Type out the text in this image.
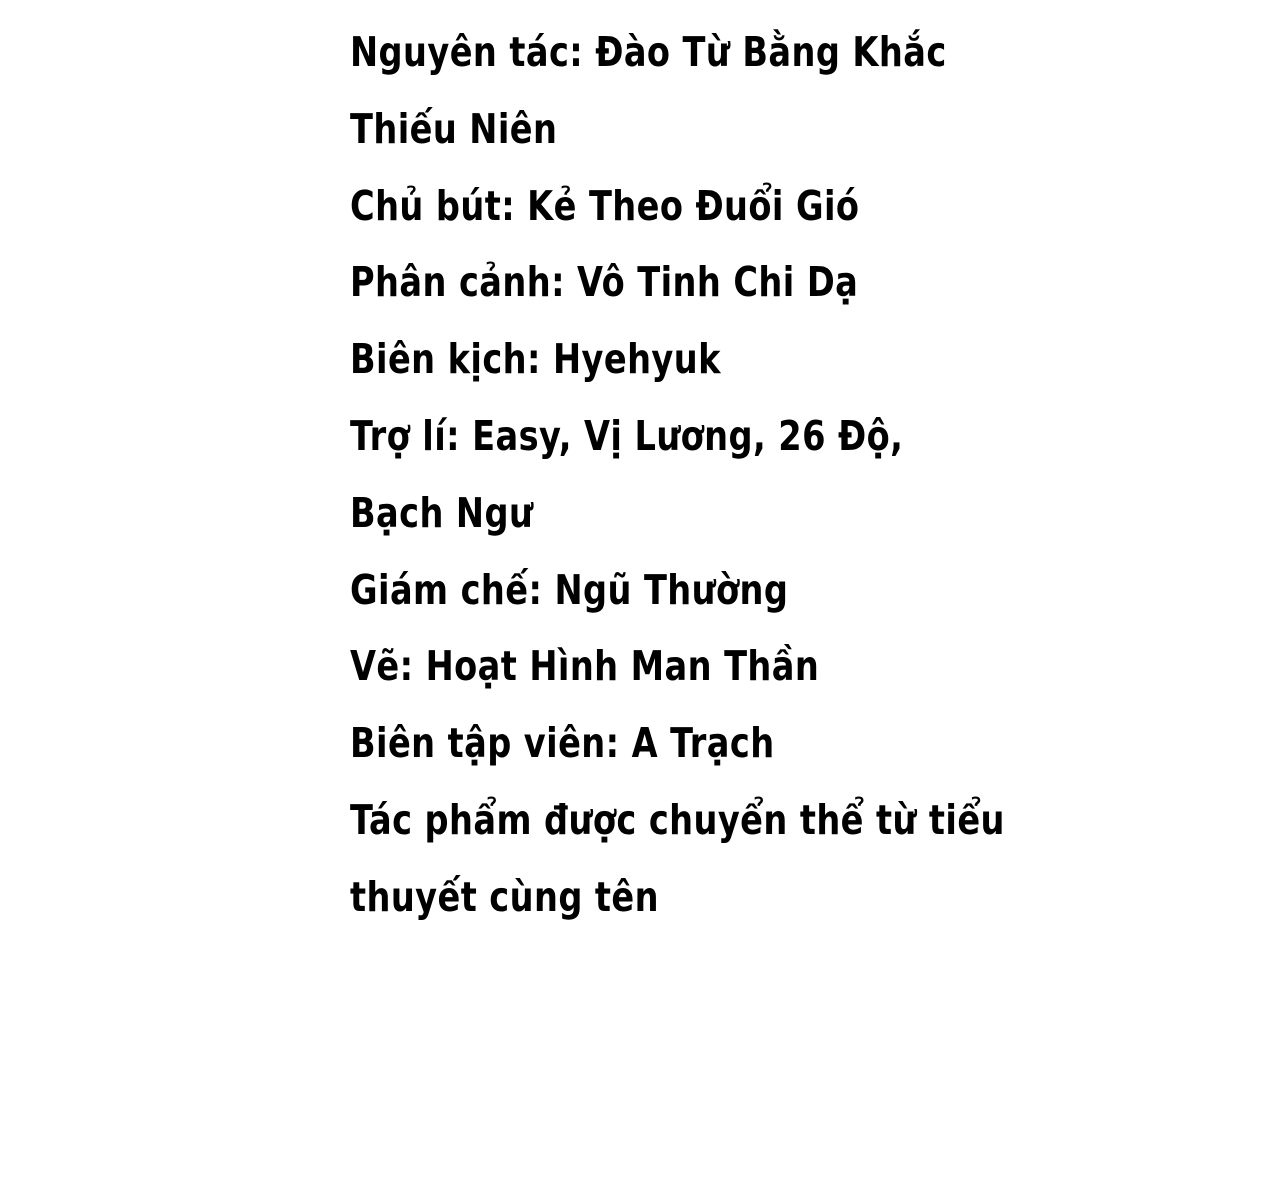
Nguyên tác: Đào Từ Bằng Khắc
Thiếu Niên
Chủ bút: Kẻ Theo Đuổi Gió
Phân cảnh: Vô Tinh Chi Dạ
Biên kịch: Hyehyuk
Trợ lí: Easy, Vị Lương, 26 Độ,
Bạch Ngư
Giám chế: Ngũ Thường
Vẽ: Hoạt Hình Man Thần
Biên tập viên: A Trạch
Tác phẩm được chuyển thể từ tiểu
thuyết cùng tên
